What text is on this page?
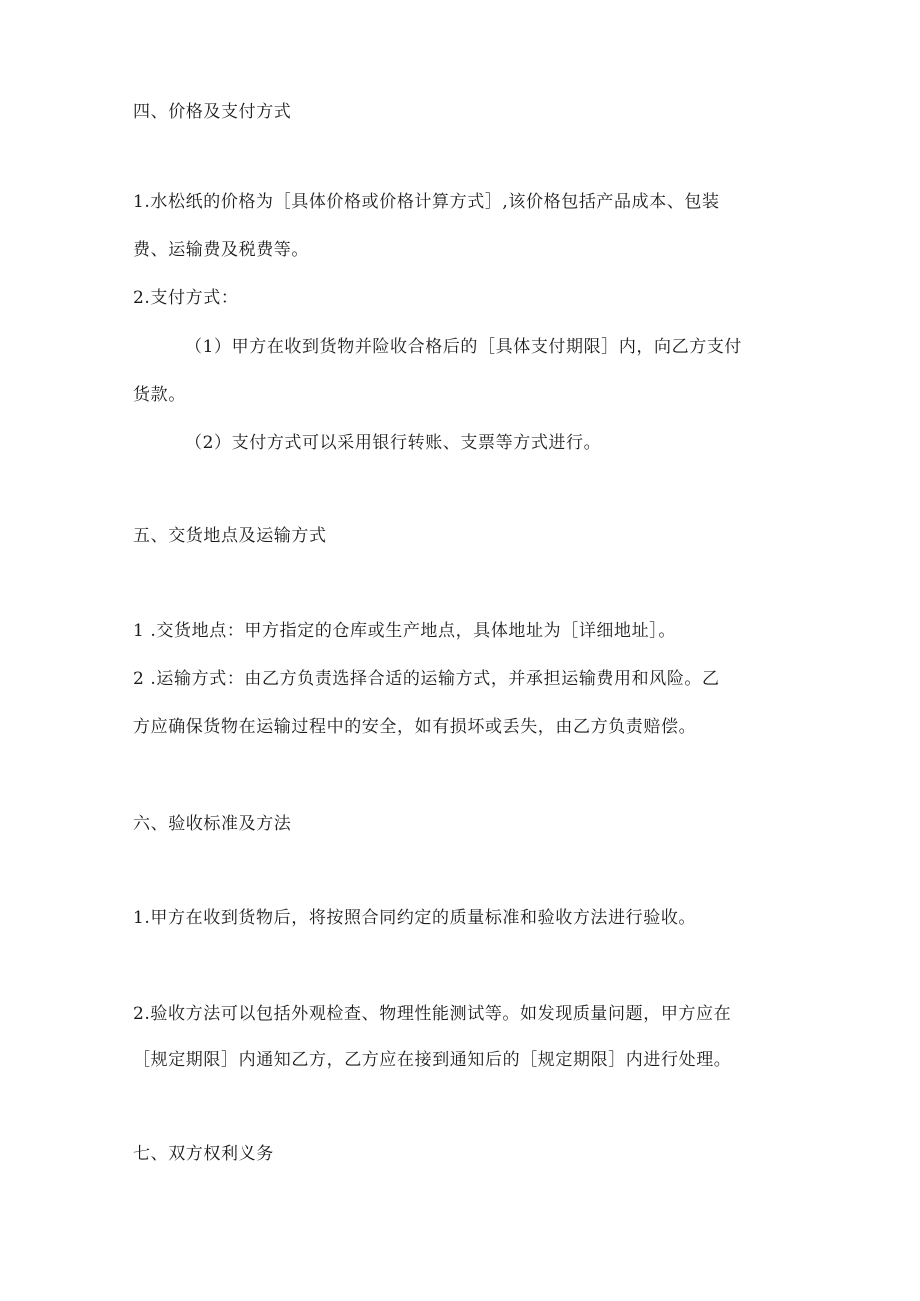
四、价格及支付方式
1.水松纸的价格为［具体价格或价格计算方式］,该价格包括产品成本、包装
费、运输费及税费等。
2.支付方式：
（1）甲方在收到货物并险收合格后的［具体支付期限］内，向乙方支付
货款。
（2）支付方式可以采用银行转账、支票等方式进行。
五、交货地点及运输方式
1 .交货地点：甲方指定的仓库或生产地点，具体地址为［详细地址］。
2 .运输方式：由乙方负责选择合适的运输方式，并承担运输费用和风险。乙
方应确保货物在运输过程中的安全，如有损坏或丢失，由乙方负责赔偿。
六、验收标准及方法
1.甲方在收到货物后，将按照合同约定的质量标准和验收方法进行验收。
2.验收方法可以包括外观检查、物理性能测试等。如发现质量问题，甲方应在
［规定期限］内通知乙方，乙方应在接到通知后的［规定期限］内进行处理。
七、双方权利义务
